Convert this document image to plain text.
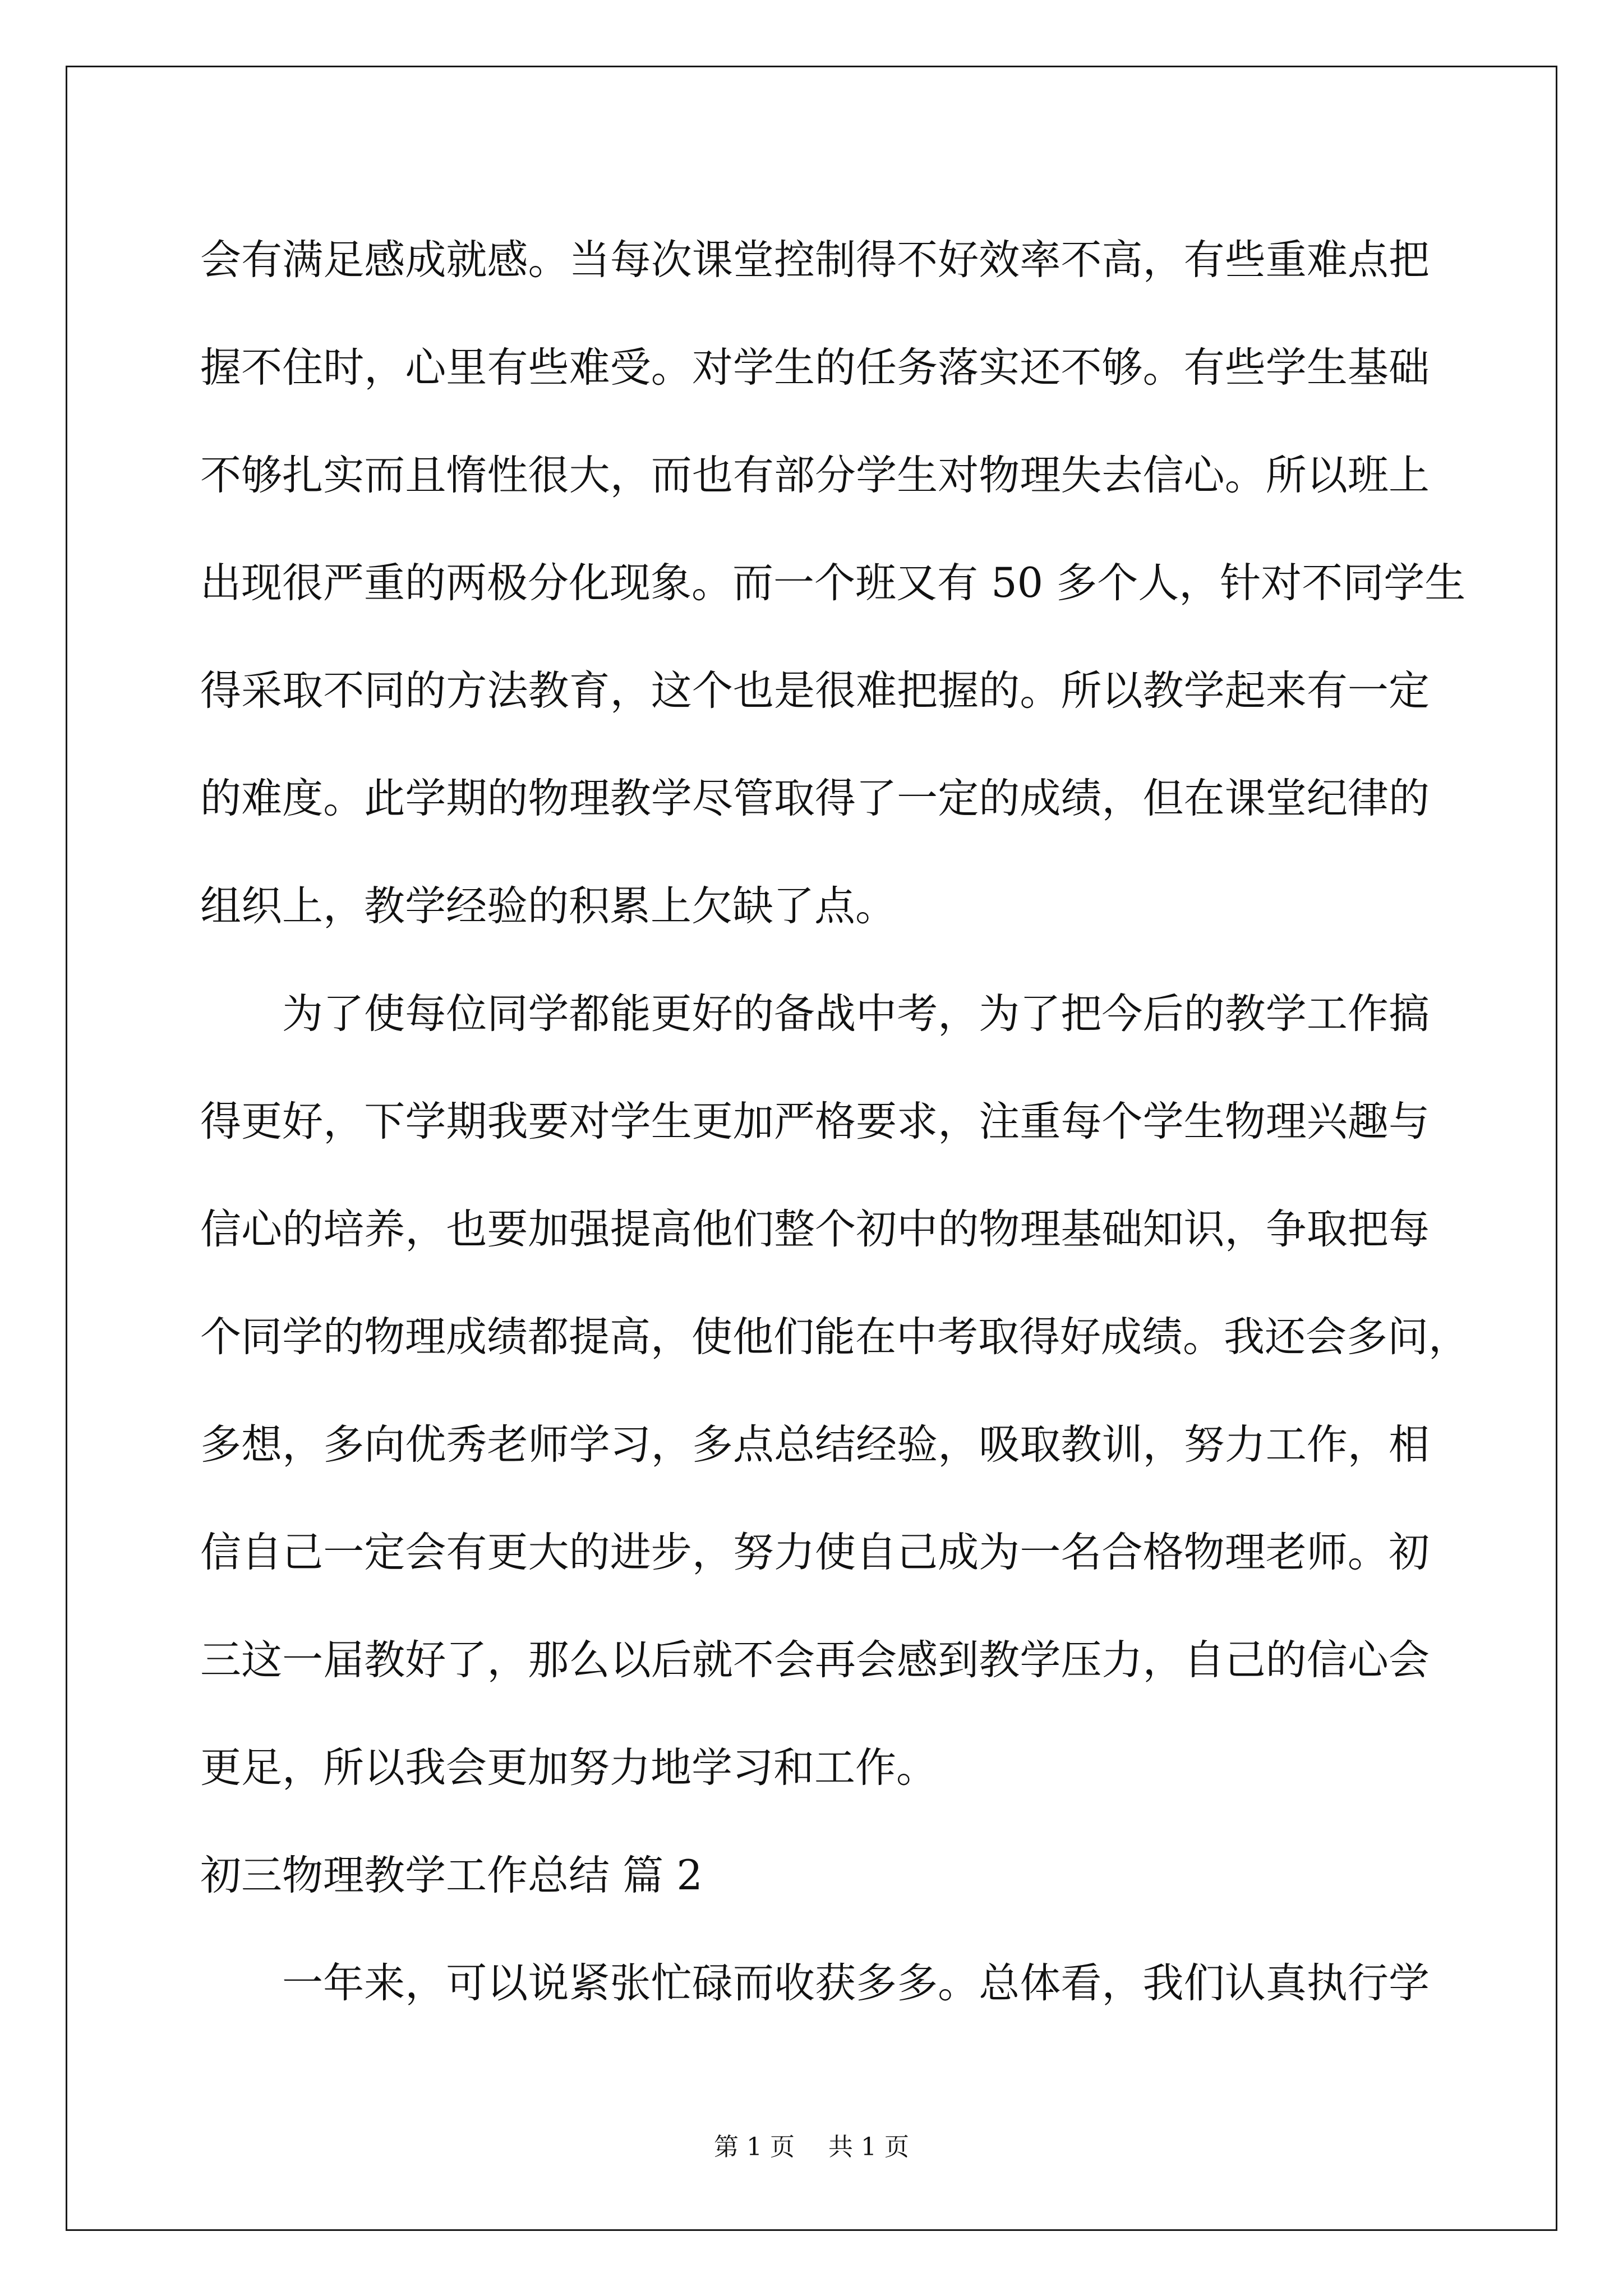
会有满足感成就感。当每次课堂控制得不好效率不高，有些重难点把
握不住时，心里有些难受。对学生的任务落实还不够。有些学生基础
不够扎实而且惰性很大，而也有部分学生对物理失去信心。所以班上
出现很严重的两极分化现象。而一个班又有 50 多个人，针对不同学生
得采取不同的方法教育，这个也是很难把握的。所以教学起来有一定
的难度。此学期的物理教学尽管取得了一定的成绩，但在课堂纪律的
组织上，教学经验的积累上欠缺了点。
为了使每位同学都能更好的备战中考，为了把今后的教学工作搞
得更好，下学期我要对学生更加严格要求，注重每个学生物理兴趣与
信心的培养，也要加强提高他们整个初中的物理基础知识，争取把每
个同学的物理成绩都提高，使他们能在中考取得好成绩。我还会多问，
多想，多向优秀老师学习，多点总结经验，吸取教训，努力工作，相
信自己一定会有更大的进步，努力使自己成为一名合格物理老师。初
三这一届教好了，那么以后就不会再会感到教学压力，自己的信心会
更足，所以我会更加努力地学习和工作。
初三物理教学工作总结 篇 2
一年来，可以说紧张忙碌而收获多多。总体看，我们认真执行学
第 1 页 共 1 页
